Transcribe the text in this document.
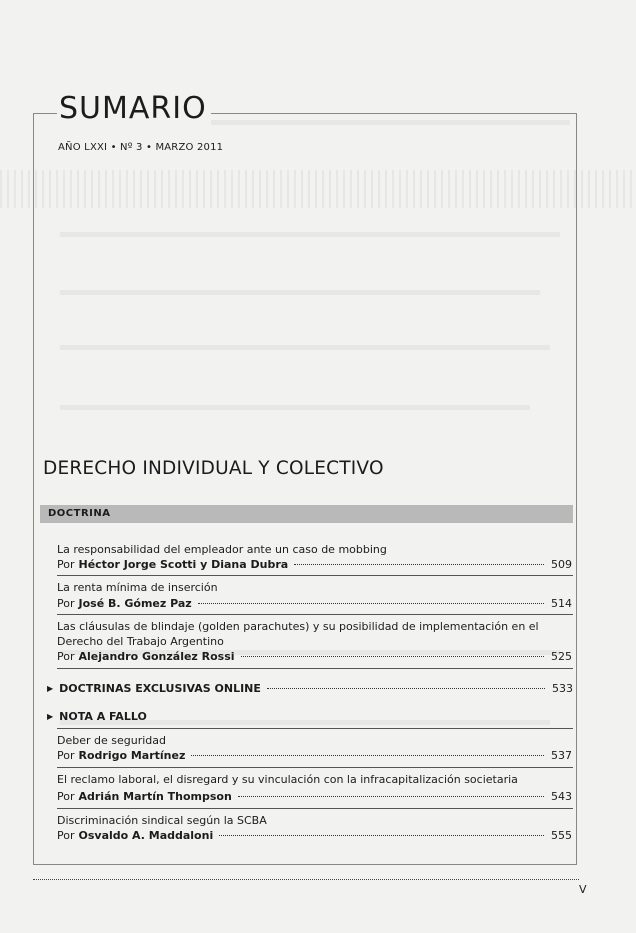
SUMARIO

AÑO LXXI • Nº 3 • MARZO 2011

DERECHO INDIVIDUAL Y COLECTIVO

DOCTRINA

La responsabilidad del empleador ante un caso de mobbing

Por Héctor Jorge Scotti y Diana Dubra	509

La renta mínima de inserción

Por José B. Gómez Paz	514

Las cláusulas de blindaje (golden parachutes) y su posibilidad de implementación en el Derecho del Trabajo Argentino

Por Alejandro González Rossi	525

▶ DOCTRINAS EXCLUSIVAS ONLINE	533

▶ NOTA A FALLO

Deber de seguridad

Por Rodrigo Martínez	537

El reclamo laboral, el disregard y su vinculación con la infracapitalización societaria

Por Adrián Martín Thompson	543

Discriminación sindical según la SCBA

Por Osvaldo A. Maddaloni	555

V
